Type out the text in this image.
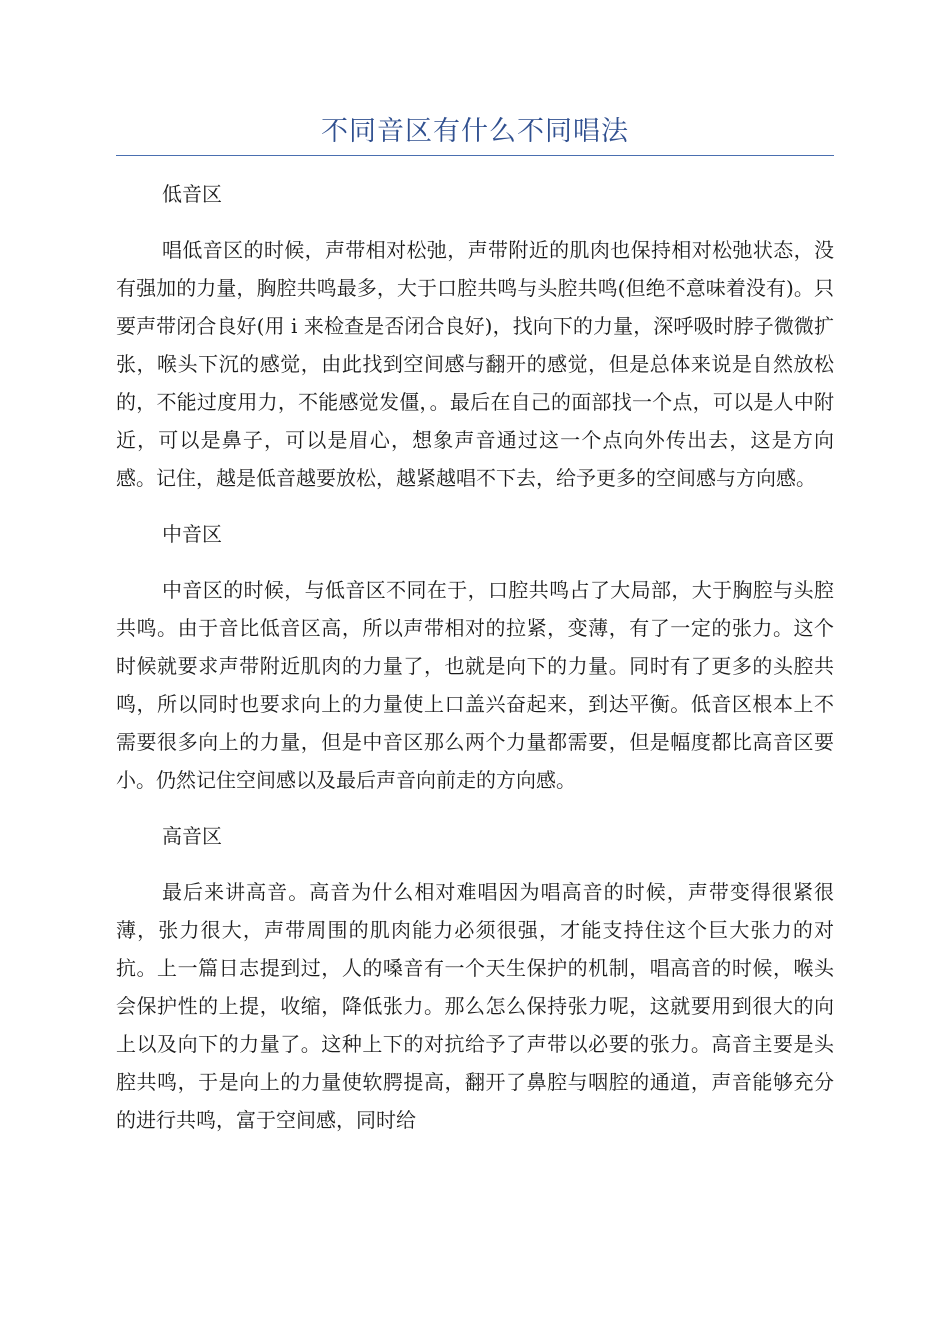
不同音区有什么不同唱法

低音区

唱低音区的时候，声带相对松弛，声带附近的肌肉也保持相对松弛状态，没有强加的力量，胸腔共鸣最多，大于口腔共鸣与头腔共鸣(但绝不意味着没有)。只要声带闭合良好(用 i 来检查是否闭合良好)，找向下的力量，深呼吸时脖子微微扩张，喉头下沉的感觉，由此找到空间感与翻开的感觉，但是总体来说是自然放松的，不能过度用力，不能感觉发僵，。最后在自己的面部找一个点，可以是人中附近，可以是鼻子，可以是眉心，想象声音通过这一个点向外传出去，这是方向感。记住，越是低音越要放松，越紧越唱不下去，给予更多的空间感与方向感。

中音区

中音区的时候，与低音区不同在于，口腔共鸣占了大局部，大于胸腔与头腔共鸣。由于音比低音区高，所以声带相对的拉紧，变薄，有了一定的张力。这个时候就要求声带附近肌肉的力量了，也就是向下的力量。同时有了更多的头腔共鸣，所以同时也要求向上的力量使上口盖兴奋起来，到达平衡。低音区根本上不需要很多向上的力量，但是中音区那么两个力量都需要，但是幅度都比高音区要小。仍然记住空间感以及最后声音向前走的方向感。

高音区

最后来讲高音。高音为什么相对难唱因为唱高音的时候，声带变得很紧很薄，张力很大，声带周围的肌肉能力必须很强，才能支持住这个巨大张力的对抗。上一篇日志提到过，人的嗓音有一个天生保护的机制，唱高音的时候，喉头会保护性的上提，收缩，降低张力。那么怎么保持张力呢，这就要用到很大的向上以及向下的力量了。这种上下的对抗给予了声带以必要的张力。高音主要是头腔共鸣，于是向上的力量使软腭提高，翻开了鼻腔与咽腔的通道，声音能够充分的进行共鸣，富于空间感，同时给
